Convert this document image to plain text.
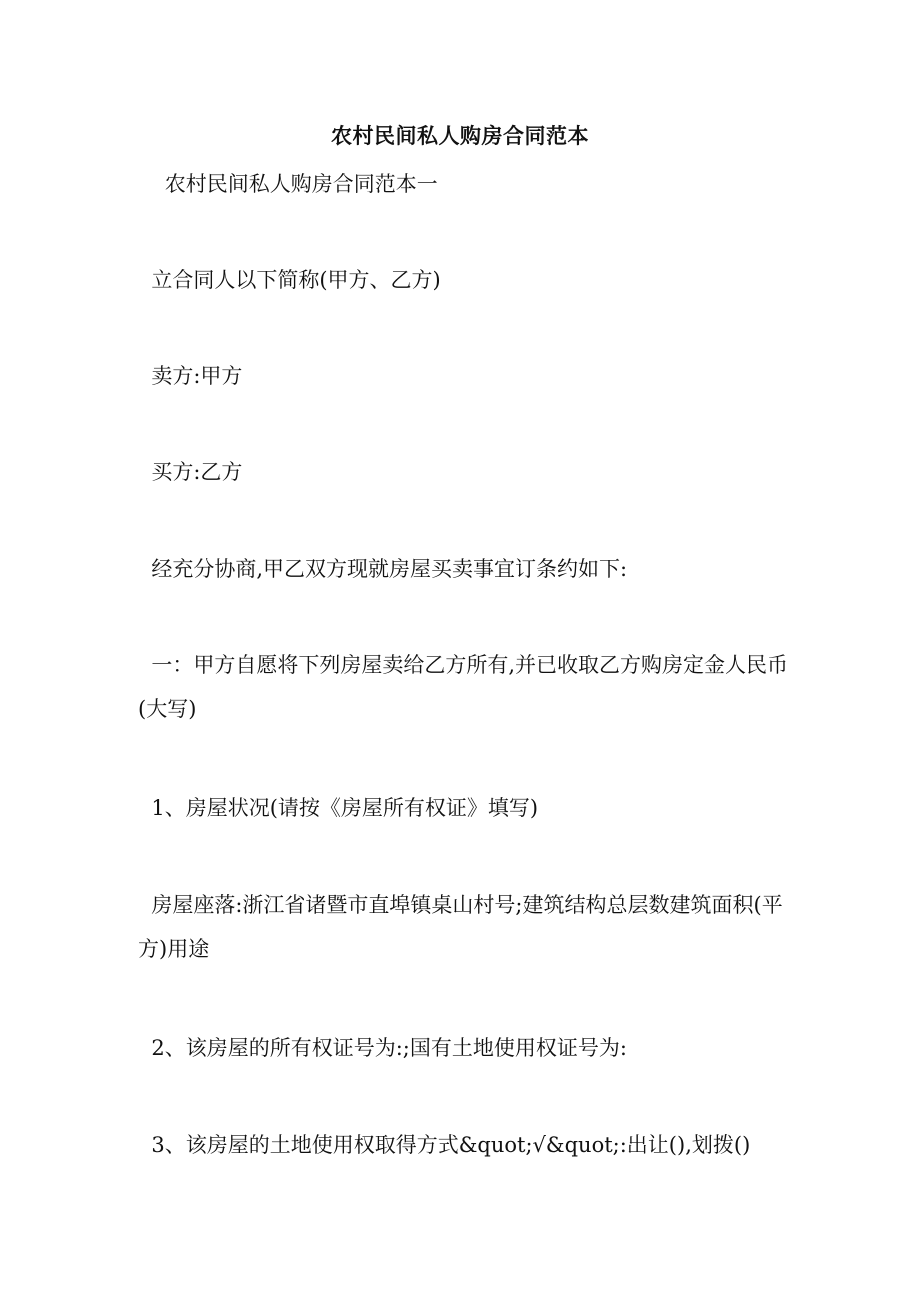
农村民间私人购房合同范本
农村民间私人购房合同范本一
立合同人以下简称(甲方、乙方)
卖方:甲方
买方:乙方
经充分协商,甲乙双方现就房屋买卖事宜订条约如下:
一：甲方自愿将下列房屋卖给乙方所有,并已收取乙方购房定金人民币(大写)
1、房屋状况(请按《房屋所有权证》填写)
房屋座落:浙江省诸暨市直埠镇桌山村号;建筑结构总层数建筑面积(平方)用途
2、该房屋的所有权证号为:;国有土地使用权证号为:
3、该房屋的土地使用权取得方式&quot;√&quot;:出让(),划拨()
